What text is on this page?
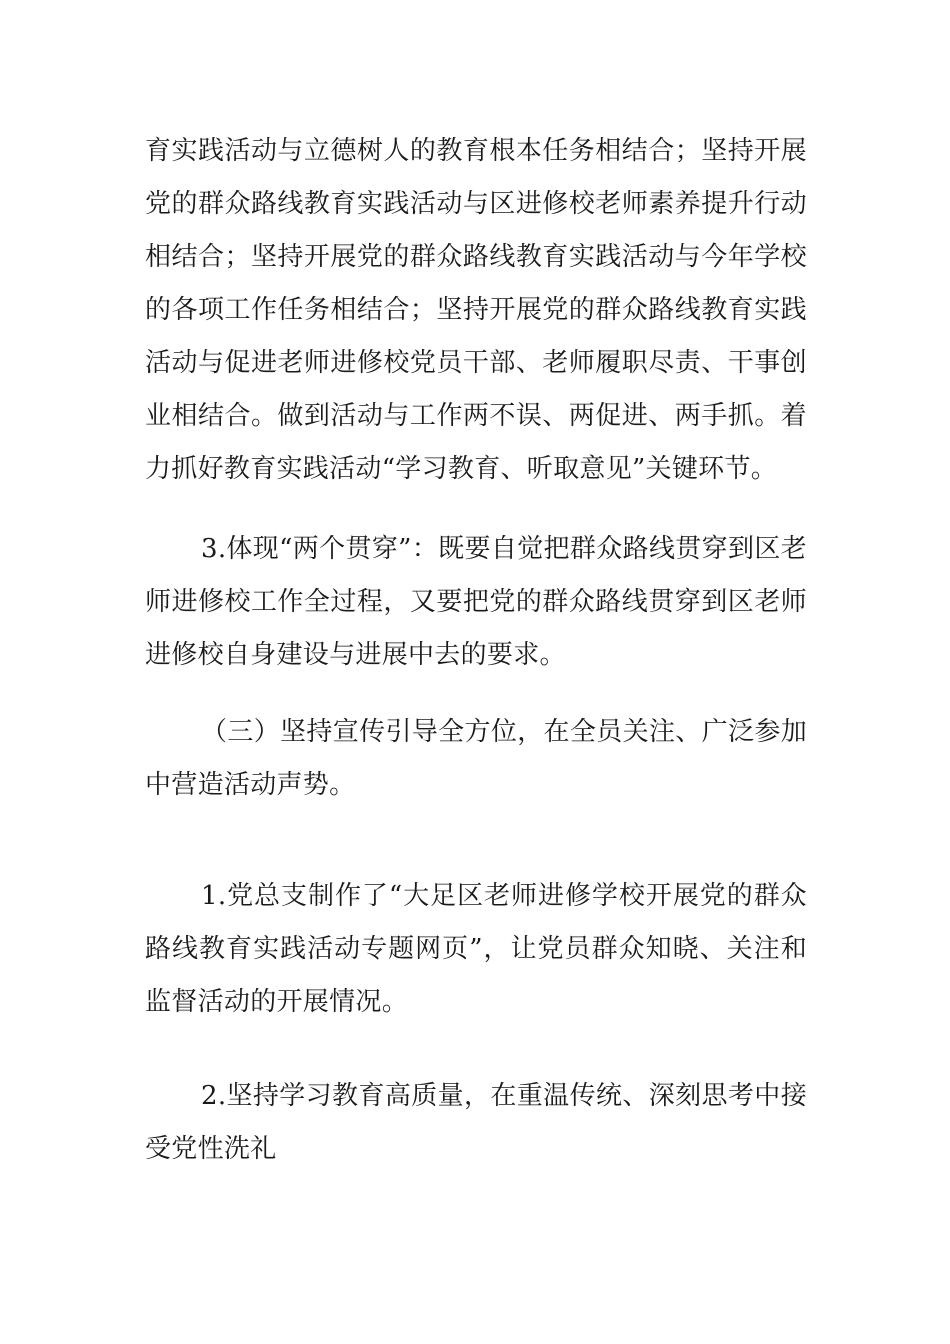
育实践活动与立德树人的教育根本任务相结合；坚持开展党的群众路线教育实践活动与区进修校老师素养提升行动相结合；坚持开展党的群众路线教育实践活动与今年学校的各项工作任务相结合；坚持开展党的群众路线教育实践活动与促进老师进修校党员干部、老师履职尽责、干事创业相结合。做到活动与工作两不误、两促进、两手抓。着力抓好教育实践活动“学习教育、听取意见”关键环节。

3.体现“两个贯穿”：既要自觉把群众路线贯穿到区老师进修校工作全过程，又要把党的群众路线贯穿到区老师进修校自身建设与进展中去的要求。

（三）坚持宣传引导全方位，在全员关注、广泛参加中营造活动声势。

1.党总支制作了“大足区老师进修学校开展党的群众路线教育实践活动专题网页”，让党员群众知晓、关注和监督活动的开展情况。

2.坚持学习教育高质量，在重温传统、深刻思考中接受党性洗礼
